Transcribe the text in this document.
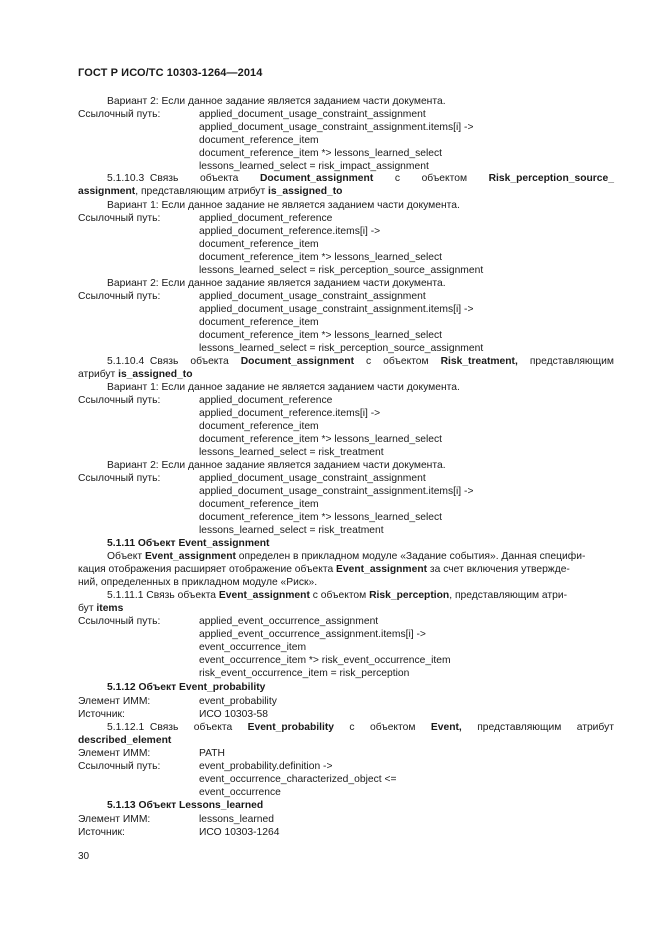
ГОСТ Р ИСО/ТС 10303-1264—2014
Вариант 2: Если данное задание является заданием части документа.
Ссылочный путь:	applied_document_usage_constraint_assignment
applied_document_usage_constraint_assignment.items[i] ->
document_reference_item
document_reference_item *> lessons_learned_select
lessons_learned_select = risk_impact_assignment
5.1.10.3  Связь объекта Document_assignment с объектом Risk_perception_source_
assignment, представляющим атрибут is_assigned_to
Вариант 1: Если данное задание не является заданием части документа.
Ссылочный путь:	applied_document_reference
applied_document_reference.items[i] ->
document_reference_item
document_reference_item *> lessons_learned_select
lessons_learned_select = risk_perception_source_assignment
Вариант 2: Если данное задание является заданием части документа.
Ссылочный путь:	applied_document_usage_constraint_assignment
applied_document_usage_constraint_assignment.items[i] ->
document_reference_item
document_reference_item *> lessons_learned_select
lessons_learned_select = risk_perception_source_assignment
5.1.10.4  Связь объекта Document_assignment с объектом Risk_treatment, представляющим
атрибут is_assigned_to
Вариант 1: Если данное задание не является заданием части документа.
Ссылочный путь:	applied_document_reference
applied_document_reference.items[i] ->
document_reference_item
document_reference_item *> lessons_learned_select
lessons_learned_select = risk_treatment
Вариант 2: Если данное задание является заданием части документа.
Ссылочный путь:	applied_document_usage_constraint_assignment
applied_document_usage_constraint_assignment.items[i] ->
document_reference_item
document_reference_item *> lessons_learned_select
lessons_learned_select = risk_treatment
5.1.11 Объект Event_assignment
Объект Event_assignment определен в прикладном модуле «Задание события». Данная специфи-
кация отображения расширяет отображение объекта Event_assignment за счет включения утвержде-
ний, определенных в прикладном модуле «Риск».
5.1.11.1 Связь объекта Event_assignment с объектом Risk_perception, представляющим атри-
бут items
Ссылочный путь:	applied_event_occurrence_assignment
applied_event_occurrence_assignment.items[i] ->
event_occurrence_item
event_occurrence_item *> risk_event_occurrence_item
risk_event_occurrence_item = risk_perception
5.1.12 Объект Event_probability
Элемент ИММ:	event_probability
Источник:	ИСО 10303-58
5.1.12.1  Связь объекта Event_probability с объектом Event, представляющим атрибут
described_element
Элемент ИММ:	PATH
Ссылочный путь:	event_probability.definition ->
event_occurrence_characterized_object <=
event_occurrence
5.1.13 Объект Lessons_learned
Элемент ИММ:	lessons_learned
Источник:	ИСО 10303-1264
30
